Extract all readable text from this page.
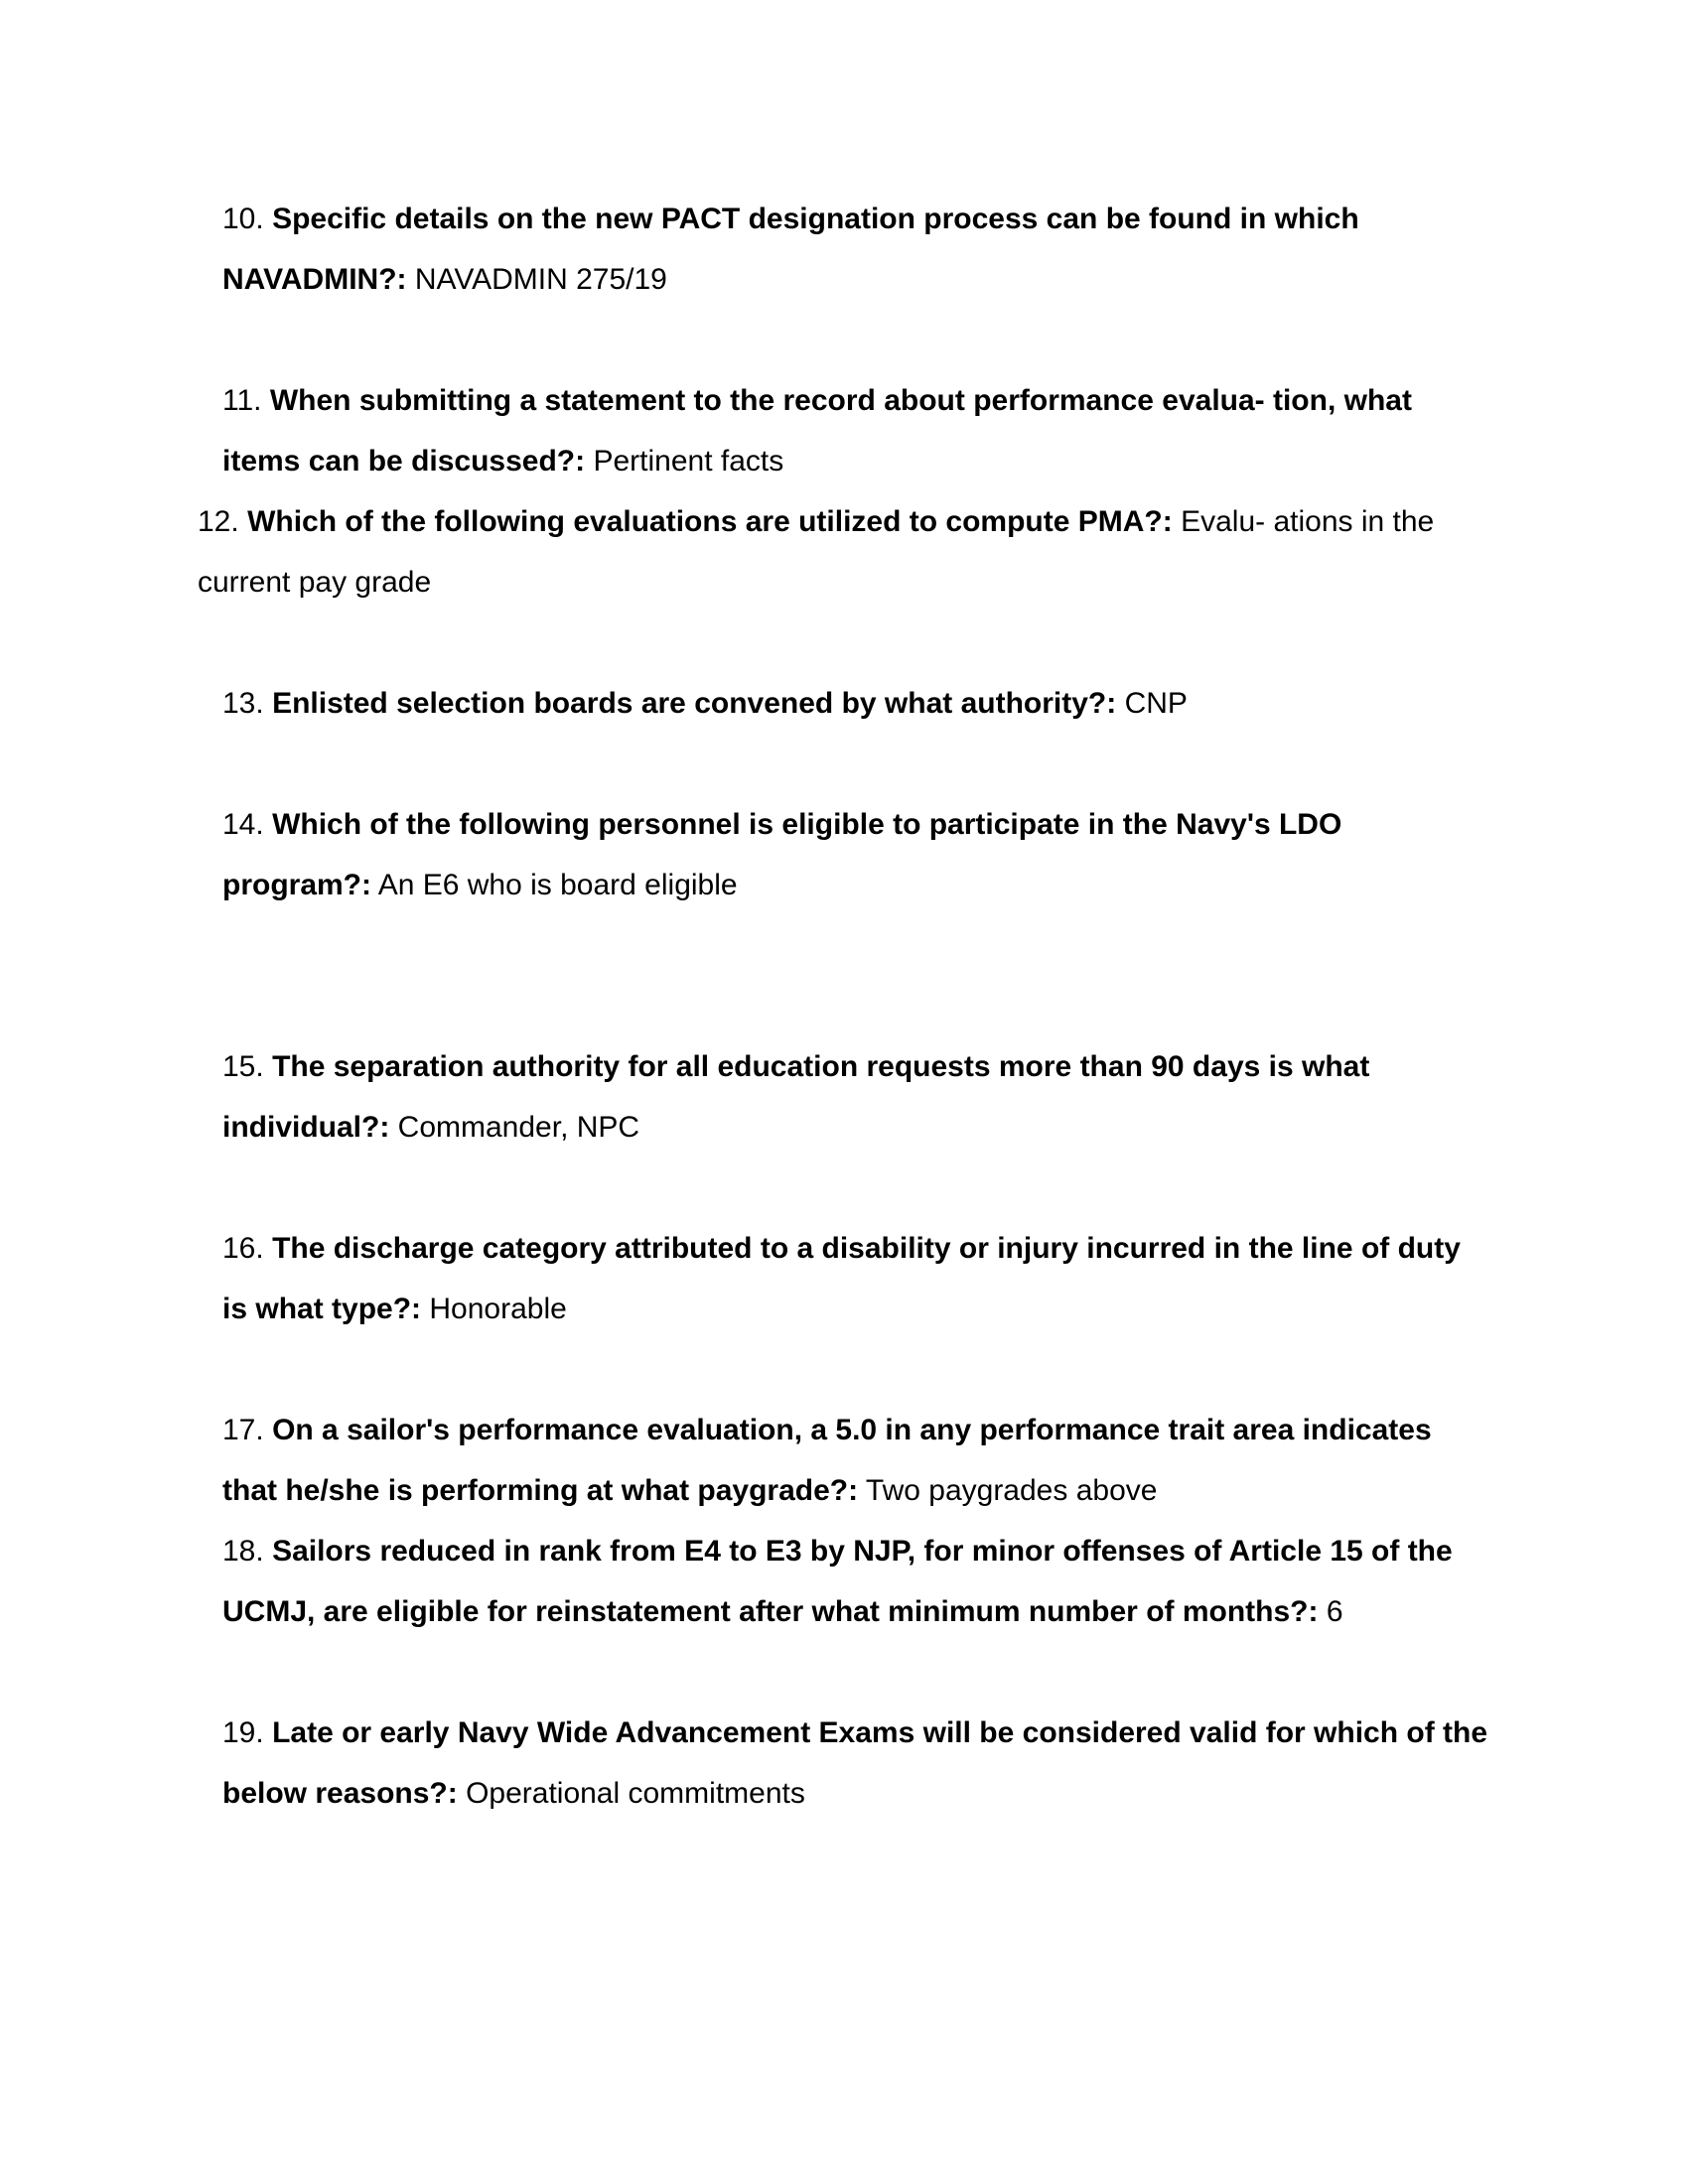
10. Specific details on the new PACT designation process can be found in which NAVADMIN?: NAVADMIN 275/19

11. When submitting a statement to the record about performance evalua- tion, what items can be discussed?: Pertinent facts

12. Which of the following evaluations are utilized to compute PMA?: Evalu- ations in the current pay grade

13. Enlisted selection boards are convened by what authority?: CNP

14. Which of the following personnel is eligible to participate in the Navy's LDO program?: An E6 who is board eligible

15. The separation authority for all education requests more than 90 days is what individual?: Commander, NPC

16. The discharge category attributed to a disability or injury incurred in the line of duty is what type?: Honorable

17. On a sailor's performance evaluation, a 5.0 in any performance trait area indicates that he/she is performing at what paygrade?: Two paygrades above

18. Sailors reduced in rank from E4 to E3 by NJP, for minor offenses of Article 15 of the UCMJ, are eligible for reinstatement after what minimum number of months?: 6

19. Late or early Navy Wide Advancement Exams will be considered valid for which of the below reasons?: Operational commitments
